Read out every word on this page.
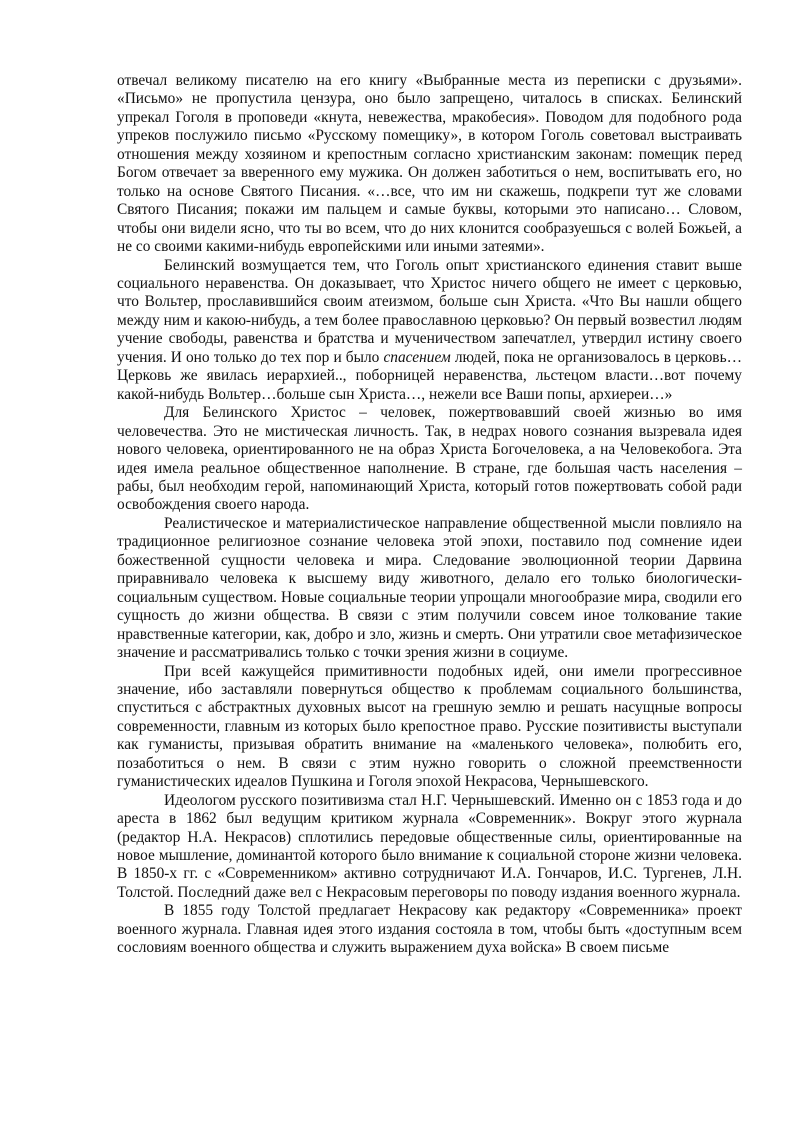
отвечал великому писателю на его книгу «Выбранные места из переписки с друзьями». «Письмо» не пропустила цензура, оно было запрещено, читалось в списках. Белинский упрекал Гоголя в проповеди «кнута, невежества, мракобесия». Поводом для подобного рода упреков послужило письмо «Русскому помещику», в котором Гоголь советовал выстраивать отношения между хозяином и крепостным согласно христианским законам: помещик перед Богом отвечает за вверенного ему мужика. Он должен заботиться о нем, воспитывать его, но только на основе Святого Писания. «…все, что им ни скажешь, подкрепи тут же словами Святого Писания; покажи им пальцем и самые буквы, которыми это написано… Словом, чтобы они видели ясно, что ты во всем, что до них клонится сообразуешься с волей Божьей, а не со своими какими-нибудь европейскими или иными затеями».

Белинский возмущается тем, что Гоголь опыт христианского единения ставит выше социального неравенства. Он доказывает, что Христос ничего общего не имеет с церковью, что Вольтер, прославившийся своим атеизмом, больше сын Христа. «Что Вы нашли общего между ним и какою-нибудь, а тем более православною церковью? Он первый возвестил людям учение свободы, равенства и братства и мученичеством запечатлел, утвердил истину своего учения. И оно только до тех пор и было спасением людей, пока не организовалось в церковь…Церковь же явилась иерархией.., поборницей неравенства, льстецом власти…вот почему какой-нибудь Вольтер…больше сын Христа…, нежели все Ваши попы, архиереи…»

Для Белинского Христос – человек, пожертвовавший своей жизнью во имя человечества. Это не мистическая личность. Так, в недрах нового сознания вызревала идея нового человека, ориентированного не на образ Христа Богочеловека, а на Человекобога. Эта идея имела реальное общественное наполнение. В стране, где большая часть населения – рабы, был необходим герой, напоминающий Христа, который готов пожертвовать собой ради освобождения своего народа.

Реалистическое и материалистическое направление общественной мысли повлияло на традиционное религиозное сознание человека этой эпохи, поставило под сомнение идеи божественной сущности человека и мира. Следование эволюционной теории Дарвина приравнивало человека к высшему виду животного, делало его только биологически-социальным существом. Новые социальные теории упрощали многообразие мира, сводили его сущность до жизни общества. В связи с этим получили совсем иное толкование такие нравственные категории, как, добро и зло, жизнь и смерть. Они утратили свое метафизическое значение и рассматривались только с точки зрения жизни в социуме.

При всей кажущейся примитивности подобных идей, они имели прогрессивное значение, ибо заставляли повернуться общество к проблемам социального большинства, спуститься с абстрактных духовных высот на грешную землю и решать насущные вопросы современности, главным из которых было крепостное право. Русские позитивисты выступали как гуманисты, призывая обратить внимание на «маленького человека», полюбить его, позаботиться о нем. В связи с этим нужно говорить о сложной преемственности гуманистических идеалов Пушкина и Гоголя эпохой Некрасова, Чернышевского.

Идеологом русского позитивизма стал Н.Г. Чернышевский. Именно он с 1853 года и до ареста в 1862 был ведущим критиком журнала «Современник». Вокруг этого журнала (редактор Н.А. Некрасов) сплотились передовые общественные силы, ориентированные на новое мышление, доминантой которого было внимание к социальной стороне жизни человека. В 1850-х гг. с «Современником» активно сотрудничают И.А. Гончаров, И.С. Тургенев, Л.Н. Толстой. Последний даже вел с Некрасовым переговоры по поводу издания военного журнала.

В 1855 году Толстой предлагает Некрасову как редактору «Современника» проект военного журнала. Главная идея этого издания состояла в том, чтобы быть «доступным всем сословиям военного общества и служить выражением духа войска» В своем письме
